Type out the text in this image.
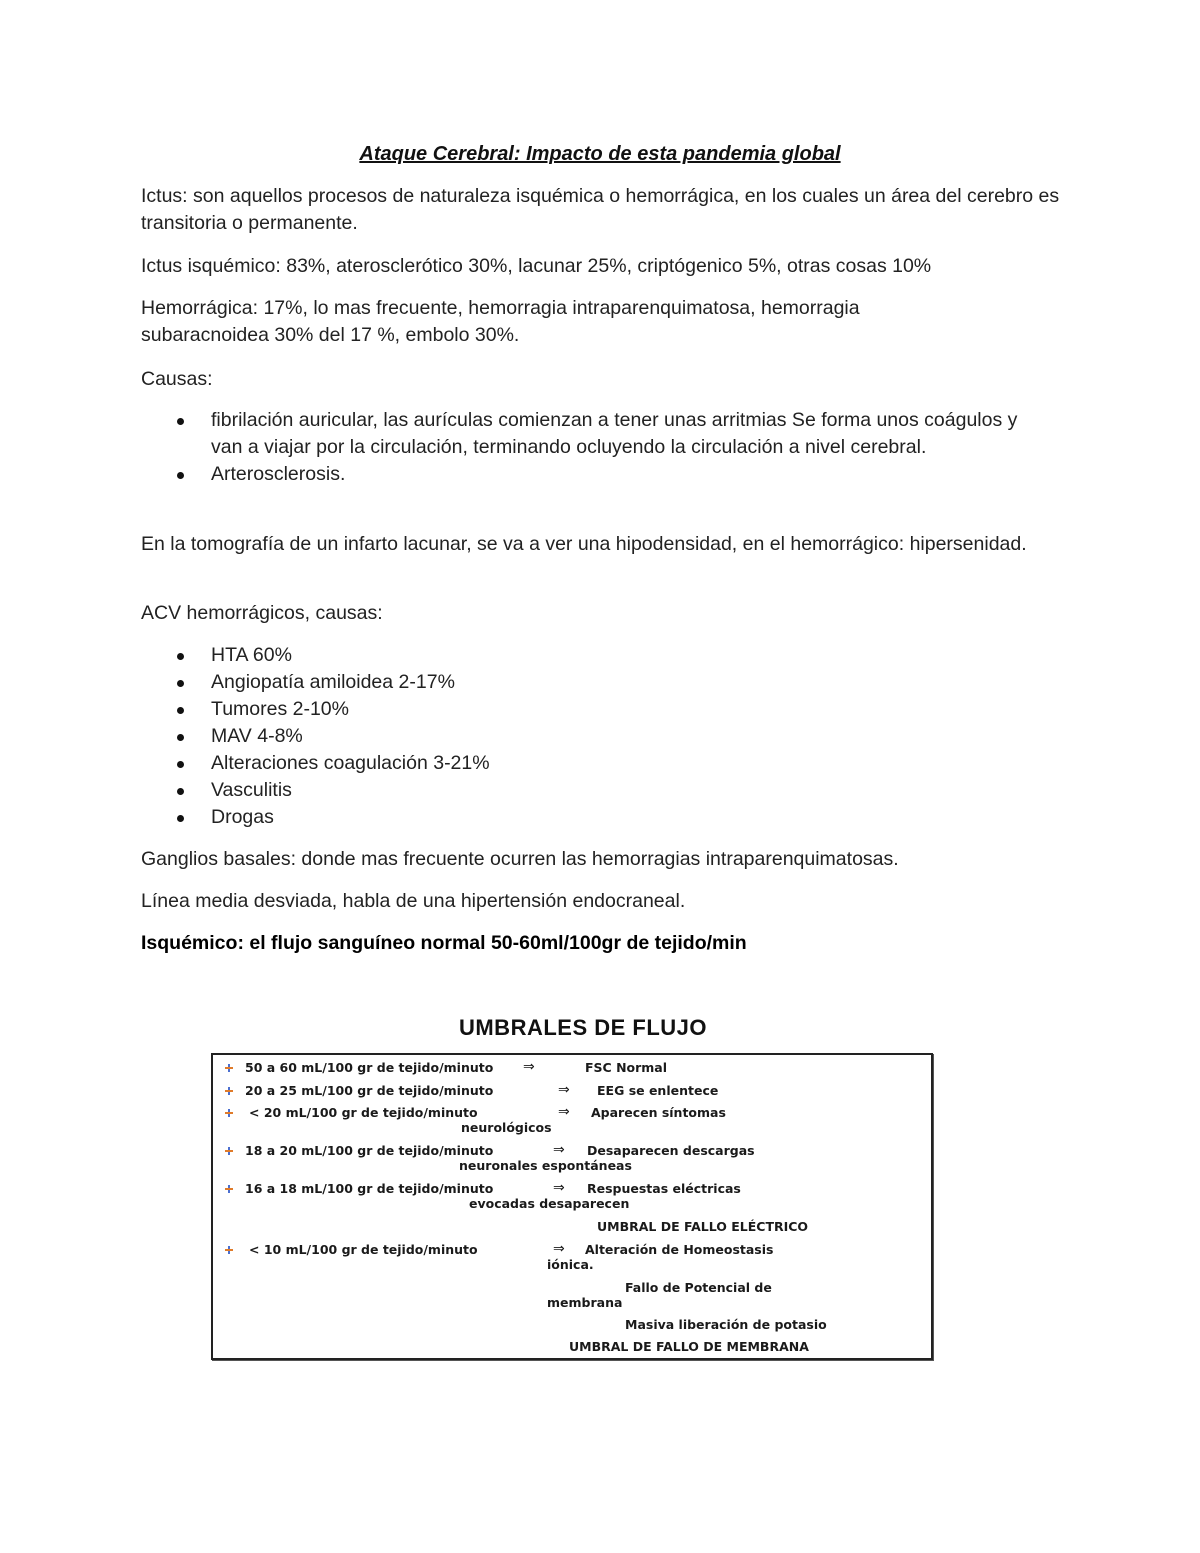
Ataque Cerebral: Impacto de esta pandemia global

Ictus: son aquellos procesos de naturaleza isquémica o hemorrágica, en los cuales un área del cerebro es transitoria o permanente.

Ictus isquémico: 83%, aterosclerótico 30%, lacunar 25%, criptógenico 5%, otras cosas 10%

Hemorrágica: 17%, lo mas frecuente, hemorragia intraparenquimatosa, hemorragia subaracnoidea 30% del 17 %, embolo 30%.

Causas:

fibrilación auricular, las aurículas comienzan a tener unas arritmias Se forma unos coágulos y van a viajar por la circulación, terminando ocluyendo la circulación a nivel cerebral.
Arterosclerosis.

En la tomografía de un infarto lacunar, se va a ver una hipodensidad, en el hemorrágico: hipersenidad.

ACV hemorrágicos, causas:

HTA 60%
Angiopatía amiloidea 2-17%
Tumores 2-10%
MAV 4-8%
Alteraciones coagulación 3-21%
Vasculitis
Drogas

Ganglios basales: donde mas frecuente ocurren las hemorragias intraparenquimatosas.

Línea media desviada, habla de una hipertensión endocraneal.

Isquémico: el flujo sanguíneo normal 50-60ml/100gr de tejido/min

UMBRALES DE FLUJO
50 a 60 mL/100 gr de tejido/minuto ⇒	FSC Normal
20 a 25 mL/100 gr de tejido/minuto	⇒ EEG se enlentece
< 20 mL/100 gr de tejido/minuto	⇒ Aparecen síntomas
neurológicos
18 a 20 mL/100 gr de tejido/minuto	⇒ Desaparecen descargas
neuronales espontáneas
16 a 18 mL/100 gr de tejido/minuto	⇒ Respuestas eléctricas
evocadas desaparecen
UMBRAL DE FALLO ELÉCTRICO
< 10 mL/100 gr de tejido/minuto	⇒ Alteración de Homeostasis
iónica.
Fallo de Potencial de
membrana
Masiva liberación de potasio
UMBRAL DE FALLO DE MEMBRANA
